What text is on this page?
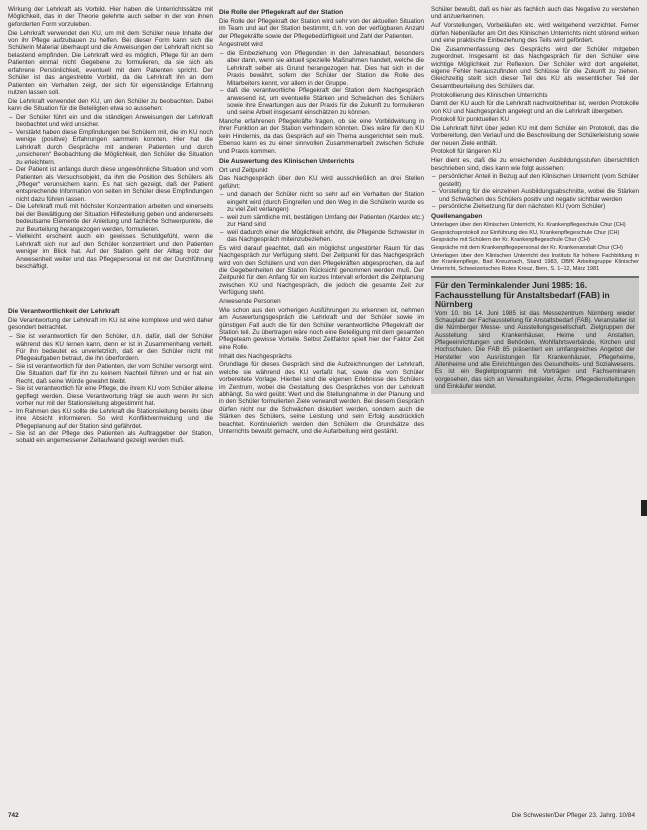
Wirkung der Lehrkraft als Vorbild. Hier haben die Unterrichtssätze mit Möglichkeit, das in der Theorie gelehrte auch selber in der von ihnen geforderten Form vorzuleben.

Die Lehrkraft verwendet den KU, um mit dem Schüler neue Inhalte der von ihr Pflege aufzubauen zu helfen. Bei dieser Form kann sich die Schülerin Material überhaupt und die Anweisungen der Lehrkraft nicht so belastend empfinden. Die Lehrkraft wird es möglich, Pflege für an dem Patienten einmal nicht Gegebene zu formulieren, da sie sich als erfahrene Persönlichkeit, eventuell mit dem Patienten spricht. Der Schüler ist das angestrebte Vorbild, da die Lehrkraft ihn an dem Patienten ein Verhalten zeigt, der sich für eigenständige Erfahrung nutzen lassen soll.

Die Lehrkraft verwendet den KU, um den Schüler zu beobachten. Dabei kann die Situation für die Beteiligten etwa so aussehen:

– Der Schüler führt ein und die ständigen Anweisungen der Lehrkraft beobachtet und wird unsicher.
– Verstärkt haben diese Empfindungen bei Schülern mit, die im KU noch wenige (positive) Erfahrungen sammeln konnten. Hier hat die Lehrkraft durch Gespräche mit anderen Patienten und durch „unsicheren“ Beobachtung die Möglichkeit, den Schüler die Situation zu erleichtern.
– Der Patient ist anfangs durch diese ungewöhnliche Situation und vom Patienten als Versuchsobjekt, da ihm die Position des Schülers als „Pfleger“ verunsichern kann. Es hat sich gezeigt, daß der Patient entsprechende Information von seiten im Schüler diese Empfindungen nicht dazu führen lassen.
– Die Lehrkraft muß mit höchster Konzentration arbeiten und einerseits bei der Bewältigung der Situation Hilfestellung geben und andererseits bedeutsame Elemente der Anleitung und fachliche Schwerpunkte, die zur Beurteilung herangezogen werden, formulieren.
– Vielleicht erscheint auch ein gewisses Schuldgefühl, wenn die Lehrkraft sich nur auf den Schüler konzentriert und den Patienten weniger im Blick hat. Auf der Station geht der Alltag trotz der Anwesenheit weiter und das Pflegepersonal ist mit der Durchführung beschäftigt.
Die Verantwortlichkeit der Lehrkraft

Die Verantwortung der Lehrkraft im KU ist eine komplexe und wird daher gesondert betrachtet.

– Sie ist verantwortlich für den Schüler, d.h. dafür, daß der Schüler während des KU lernen kann, denn er ist in Zusammenhang verteilt. Für ihn bedeutet es unverletzlich, daß er den Schüler nicht mit Pflegeaufgaben betraut, die ihn überfordern.
– Sie ist verantwortlich für den Patienten, der vom Schüler versorgt wird. Die Situation darf für ihn zu keinem Nachteil führen und er hat ein Recht, daß seine Würde gewahrt bleibt.
– Sie ist verantwortlich für eine Pflege, die ihrem KU vom Schüler alleine gepflegt werden. Diese Verantwortung trägt sie auch wenn ihr sich vorher nur mit der Stationsleitung abgestimmt hat.
– Im Rahmen des KU sollte die Lehrkraft die Stationsleitung bereits über ihre Absicht informieren. So wird Konfliktvermeidung und die Pflegeplanung auf der Station sind gefährdet.
– Sie ist an der Pflege des Patienten als Auftraggeber der Station, sobald ein angemessener Zeitaufwand gezeigt werden muß.
Die Rolle der Pflegekraft auf der Station

Die Rolle der Pflegekraft der Station wird sehr von der aktuellen Situation im Team und auf der Station bestimmt, d.h. von der verfügbaren Anzahl der Pflegekräfte sowie der Pflegebedürftigkeit und Zahl der Patienten.

Angestrebt wird

– die Einbeziehung von Pflegenden in den Jahresablauf, besonders aber dann, wenn sie aktuell spezielle Maßnahmen handelt, welche die Lehrkraft selber als Grund herangezogen hat. Dies hat sich in der Praxis bewährt, sofern der Schüler der Station die Rolle des Mitarbeiters kennt, vor allem in der Gruppe.
– daß die verantwortliche Pflegekraft der Station dem Nachgespräch anwesend ist, um eventuelle Stärken und Schwächen des Schülers sowie ihre Erwartungen aus der Praxis für die Zukunft zu formulieren und seine Arbeit insgesamt einschätzen zu können.

Manche erfahrenen Pflegekräfte fragen, ob sie eine Vorbildwirkung in ihrer Funktion an der Station verhindern könnten. Dies wäre für den KU kein Hindernis, da das Gespräch auf ein Thema ausgerichtet sein muß. Ebenso kann es zu einer sinnvollen Zusammenarbeit zwischen Schule und Praxis kommen.

Die Auswertung des Klinischen Unterrichts

Ort und Zeitpunkt

Das Nachgespräch über den KU wird ausschließlich an drei Stellen geführt:

– und danach der Schüler nicht so sehr auf ein Verhalten der Station eingeht wird (durch Eingreifen und den Weg in die Schülerin wurde es zu viel Zeit verlangen)
– weil zum sämtliche mit, bestätigen Umfang der Patienten (Kardex etc.) zur Hand sind
– weil dadurch einer die Möglichkeit erhöht, die Pflegende Schwester in das Nachgespräch miteinzubeziehen.

Es wird darauf geachtet, daß ein möglichst ungestörter Raum für das Nachgespräch zur Verfügung steht. Der Zeitpunkt für das Nachgespräch wird von den Schülern und von den Pflegekräften abgesprochen, da auf die Gegebenheiten der Station Rücksicht genommen werden muß. Der Zeitpunkt für den Anfang für ein kurzes Intervall erfordert die Zeitplanung zwischen KU und Nachgespräch, die jedoch die gesamte Zeit zur Verfügung steht.

Anwesende Personen

Wie schon aus den vorherigen Ausführungen zu erkennen ist, nehmen am Auswertungsgespräch die Lehrkraft und der Schüler sowie im günstigen Fall auch die für den Schüler verantwortliche Pflegekraft der Station teil. Zu übertragen wäre noch eine Beteiligung mit dem gesamten Pflegeteam gewisse Vorteile. Selbst Zeitfaktor spielt hier der Faktor Zeit eine Rolle.

Inhalt des Nachgesprächs

Grundlage für dieses Gespräch sind die Aufzeichnungen der Lehrkraft, welche sie während des KU verfaßt hat, sowie die vom Schüler vorbereitete Vorlage. Hierbei sind die eigenen Erlebnisse des Schülers im Zentrum, wobei die Gestaltung des Gespräches von der Lehrkraft abhängt. So wird geübt: Wert und die Stellungnahme in der Planung und in den Schüler formulierten Ziele verwandt werden. Bei diesem Gespräch dürfen nicht nur die Schwächen diskutiert werden, sondern auch die Stärken des Schülers, seine Leistung und sein Erfolg ausdrücklich beachtet. Kontinuierlich werden den Schülern die Grundsätze des Unterrichts bewußt gemacht, und die Aufarbeitung wird gestärkt.

Schüler bewußt, daß es hier als fachlich auch das Negative zu verstehen und anzuerkennen.

Auf Vorstellungen, Vorbeiläufen etc. wird weitgehend verzichtet. Ferner dürfen Nebenläufer am Ort des Klinischen Unterrichts nicht störend wirken und eine praktische Einbeziehung des Teils wird gefördert.

Die Zusammenfassung des Gesprächs wird der Schüler mitgeben zugeordnet. Insgesamt ist das Nachgespräch für den Schüler eine wichtige Möglichkeit zur Reflexion. Der Schüler wird dort angeleitet, eigene Fehler herauszufinden und Schlüsse für die Zukunft zu ziehen. Gleichzeitig stellt sich dieser Teil des KU als wesentlicher Teil der Gesamtbeurteilung des Schülers dar.

Protokollierung des Klinischen Unterrichts

Damit der KU auch für die Lehrkraft nachvollziehbar ist, werden Protokolle von KU und Nachgespräch angelegt und an die Lehrkraft übergeben.

Protokoll für punktuellen KU

Die Lehrkraft führt über jeden KU mit dem Schüler ein Protokoll, das die Vorbereitung, den Verlauf und die Beschreibung der Schülerleistung sowie der neuen Ziele enthält.

Protokoll für längeren KU

Hier dient es, daß die zu erreichenden Ausbildungsstufen übersichtlich beschrieben sind, dies kann wie folgt aussehen:

– persönlicher Anteil in Bezug auf den Klinischen Unterricht (vom Schüler gestellt)
– Vorstellung für die einzelnen Ausbildungsabschnitte, wobei die Stärken und Schwächen des Schülers positiv und negativ sichtbar werden
– persönliche Zielsetzung für den nächsten KU (vom Schüler)
Quellenangaben

Unterlagen über den Klinischen Unterricht, Kr. Krankenpflegeschule Chur (CH)

Gesprächsprotokoll zur Einführung des KU, Krankenpflegeschule Chur (CH)

Gespräche mit Schülern der Kr. Krankenpflegeschule Chur (CH)

Gespräche mit dem Krankenpflegepersonal der Kr. Krankenanstalt Chur (CH)

Unterlagen über den Klinischen Unterricht des Instituts für höhere Fachbildung in der Krankenpflege, Bad Kreuznach, Stand 1983, DBfK Arbeitsgruppe Klinischer Unterricht, Schweizerisches Rotes Kreuz, Bern, S. 1–12, März 1981

Für den Terminkalender Juni 1985: 16. Fachausstellung für Anstaltsbedarf (FAB) in Nürnberg

Vom 10. bis 14. Juni 1985 ist das Messezentrum Nürnberg wieder Schauplatz der Fachausstellung für Anstaltsbedarf (FAB). Veranstalter ist die Nürnberger Messe- und Ausstellungsgesellschaft. Zielgruppen der Ausstellung sind Krankenhäuser, Heime und Anstalten, Pflegeeinrichtungen und Behörden, Wohlfahrtsverbände, Kirchen und Hochschulen. Die FAB 85 präsentiert ein umfangreiches Angebot der Hersteller von Ausrüstungen für Krankenhäuser, Pflegeheime, Altenheime und alle Einrichtungen des Gesundheits- und Sozialwesens. Es ist ein Begleitprogramm mit Vorträgen und Fachseminaren vorgesehen, das sich an Verwaltungsleiter, Ärzte, Pflegedienstleitungen und Einkäufer wendet.

742	Die Schwester/Der Pfleger 23. Jahrg. 10/84
